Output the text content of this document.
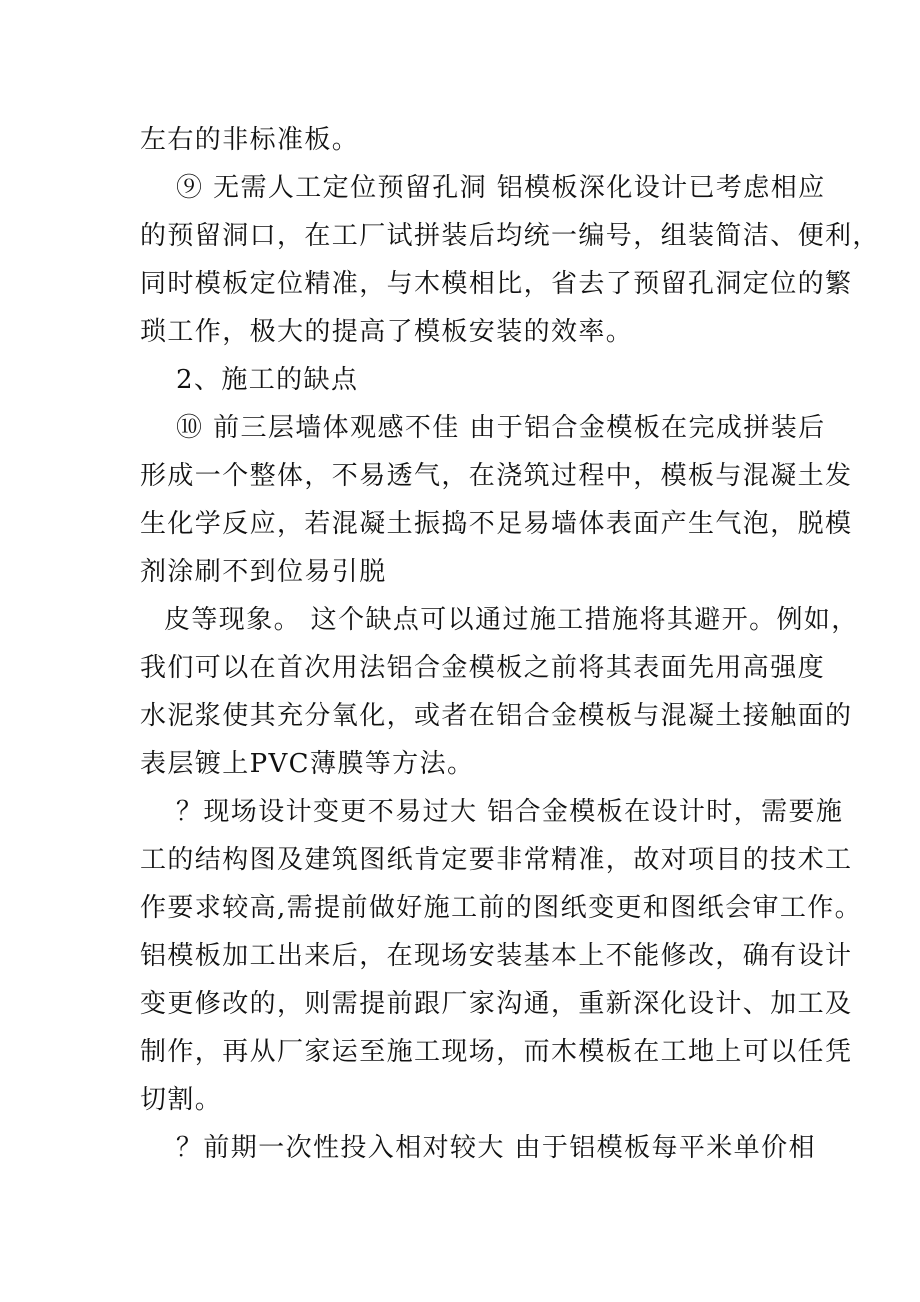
左右的非标准板。
⑨ 无需人工定位预留孔洞 铝模板深化设计已考虑相应
的预留洞口，在工厂试拼装后均统一编号，组装简洁、便利，
同时模板定位精准，与木模相比，省去了预留孔洞定位的繁
琐工作，极大的提高了模板安装的效率。
2、施工的缺点
⑩ 前三层墙体观感不佳 由于铝合金模板在完成拼装后
形成一个整体，不易透气，在浇筑过程中，模板与混凝土发
生化学反应，若混凝土振捣不足易墙体表面产生气泡，脱模
剂涂刷不到位易引脱
皮等现象。 这个缺点可以通过施工措施将其避开。例如，
我们可以在首次用法铝合金模板之前将其表面先用高强度
水泥浆使其充分氧化，或者在铝合金模板与混凝土接触面的
表层镀上PVC薄膜等方法。
？现场设计变更不易过大 铝合金模板在设计时，需要施
工的结构图及建筑图纸肯定要非常精准，故对项目的技术工
作要求较高,需提前做好施工前的图纸变更和图纸会审工作。
铝模板加工出来后，在现场安装基本上不能修改，确有设计
变更修改的，则需提前跟厂家沟通，重新深化设计、加工及
制作，再从厂家运至施工现场，而木模板在工地上可以任凭
切割。
？前期一次性投入相对较大 由于铝模板每平米单价相
